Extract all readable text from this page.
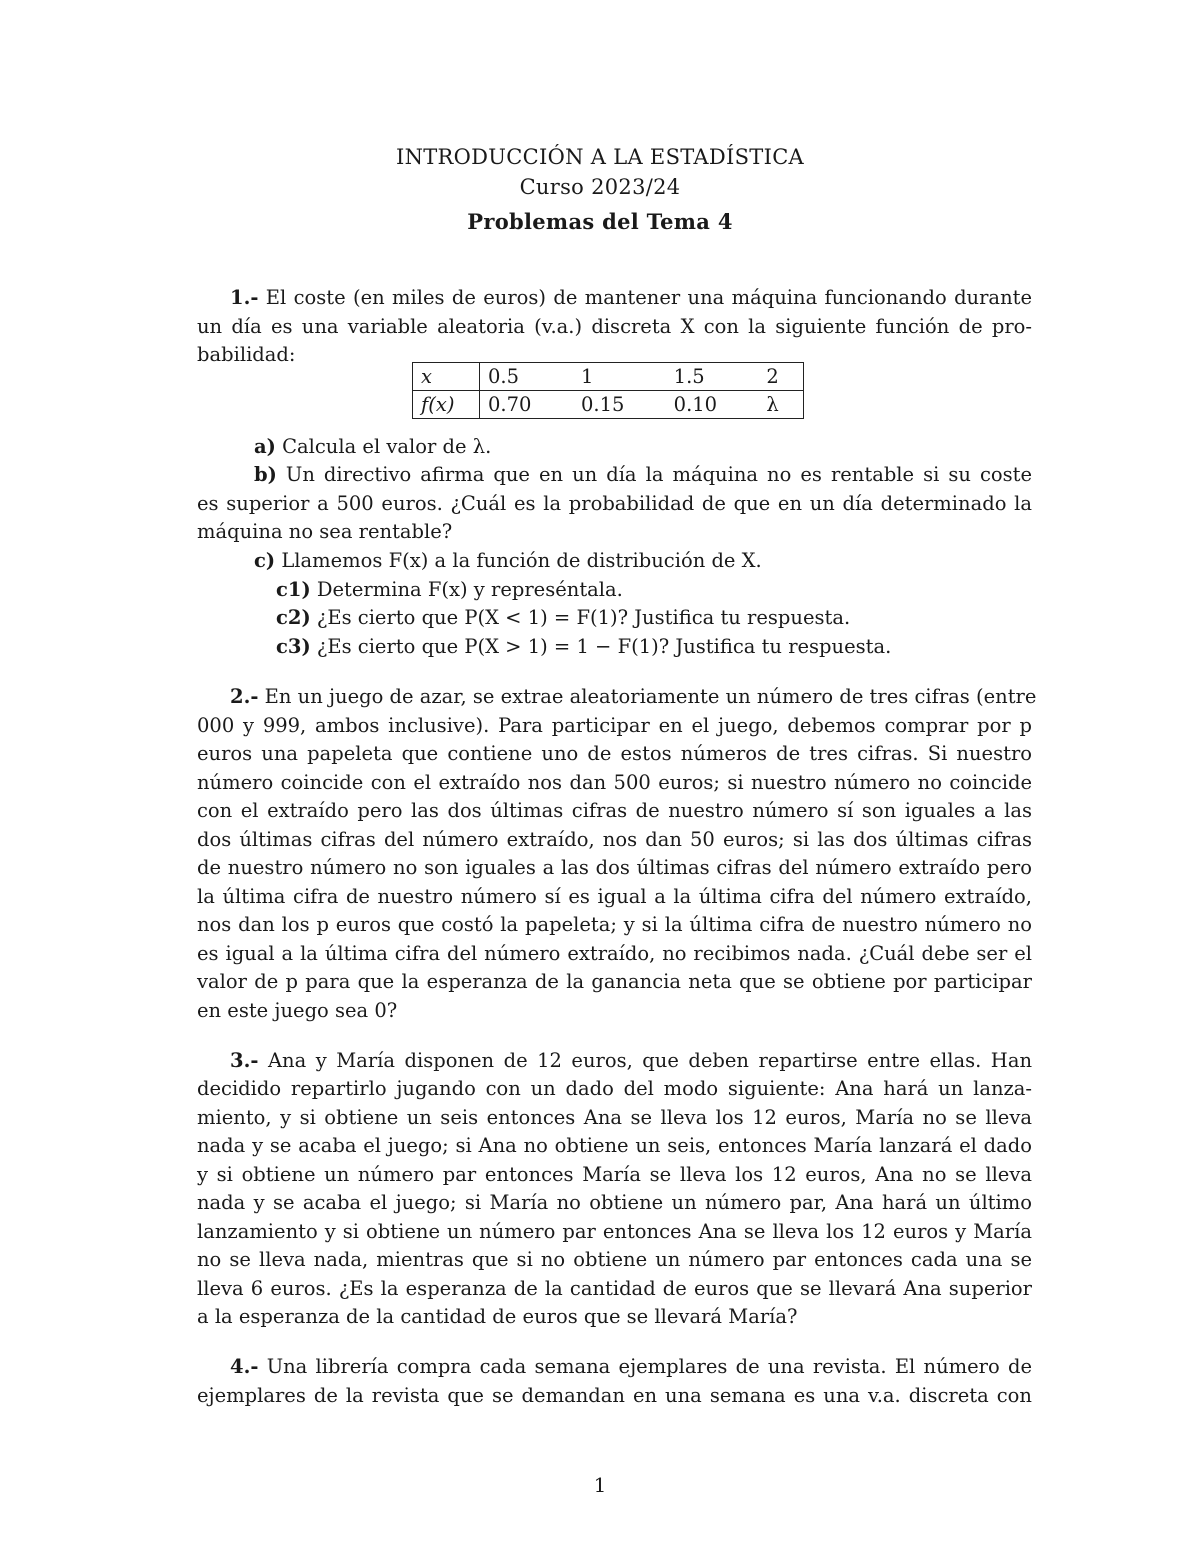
INTRODUCCIÓN A LA ESTADÍSTICA
Curso 2023/24
Problemas del Tema 4
1.- El coste (en miles de euros) de mantener una máquina funcionando durante
un día es una variable aleatoria (v.a.) discreta X con la siguiente función de pro-
babilidad:
x	0.5	1	1.5	2
f(x)	0.70	0.15	0.10	λ
a) Calcula el valor de λ.
b) Un directivo afirma que en un día la máquina no es rentable si su coste
es superior a 500 euros. ¿Cuál es la probabilidad de que en un día determinado la
máquina no sea rentable?
c) Llamemos F(x) a la función de distribución de X.
c1) Determina F(x) y represéntala.
c2) ¿Es cierto que P(X < 1) = F(1)? Justifica tu respuesta.
c3) ¿Es cierto que P(X > 1) = 1 − F(1)? Justifica tu respuesta.
2.- En un juego de azar, se extrae aleatoriamente un número de tres cifras (entre
000 y 999, ambos inclusive). Para participar en el juego, debemos comprar por p
euros una papeleta que contiene uno de estos números de tres cifras. Si nuestro
número coincide con el extraído nos dan 500 euros; si nuestro número no coincide
con el extraído pero las dos últimas cifras de nuestro número sí son iguales a las
dos últimas cifras del número extraído, nos dan 50 euros; si las dos últimas cifras
de nuestro número no son iguales a las dos últimas cifras del número extraído pero
la última cifra de nuestro número sí es igual a la última cifra del número extraído,
nos dan los p euros que costó la papeleta; y si la última cifra de nuestro número no
es igual a la última cifra del número extraído, no recibimos nada. ¿Cuál debe ser el
valor de p para que la esperanza de la ganancia neta que se obtiene por participar
en este juego sea 0?
3.- Ana y María disponen de 12 euros, que deben repartirse entre ellas. Han
decidido repartirlo jugando con un dado del modo siguiente: Ana hará un lanza-
miento, y si obtiene un seis entonces Ana se lleva los 12 euros, María no se lleva
nada y se acaba el juego; si Ana no obtiene un seis, entonces María lanzará el dado
y si obtiene un número par entonces María se lleva los 12 euros, Ana no se lleva
nada y se acaba el juego; si María no obtiene un número par, Ana hará un último
lanzamiento y si obtiene un número par entonces Ana se lleva los 12 euros y María
no se lleva nada, mientras que si no obtiene un número par entonces cada una se
lleva 6 euros. ¿Es la esperanza de la cantidad de euros que se llevará Ana superior
a la esperanza de la cantidad de euros que se llevará María?
4.- Una librería compra cada semana ejemplares de una revista. El número de
ejemplares de la revista que se demandan en una semana es una v.a. discreta con
1
